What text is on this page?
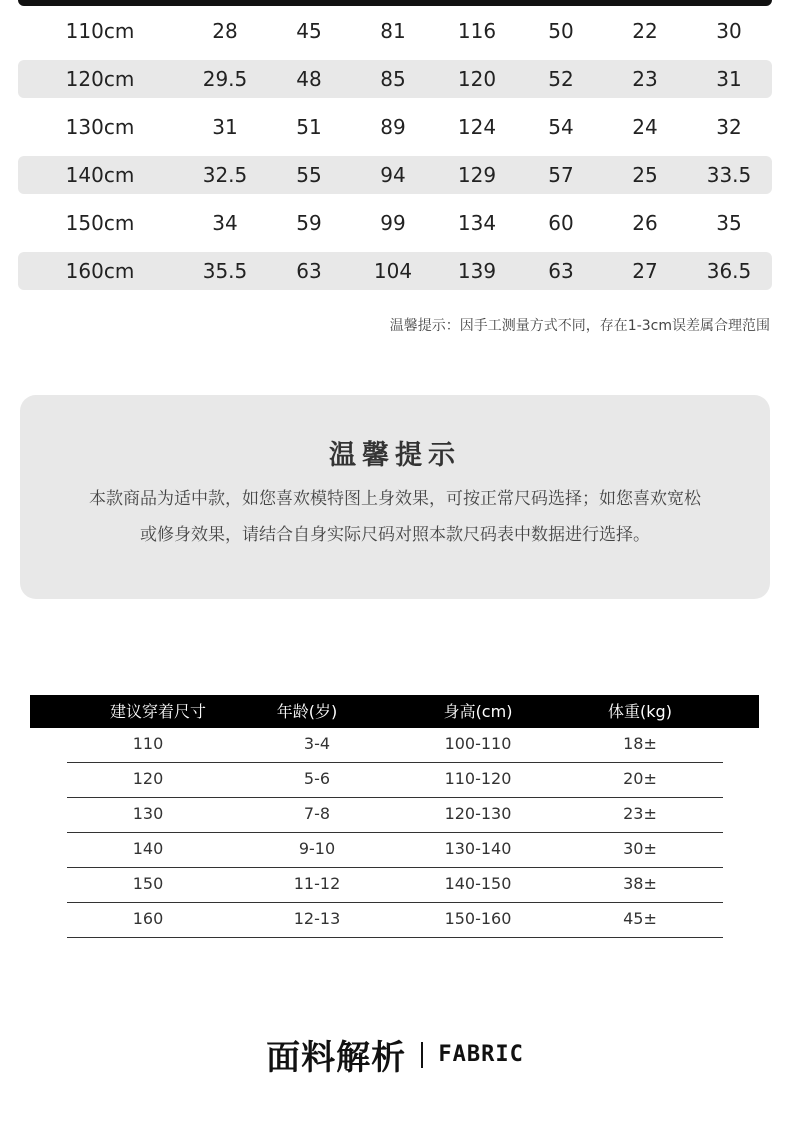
110cm	28	45	81	116	50	22	30
120cm	29.5	48	85	120	52	23	31
130cm	31	51	89	124	54	24	32
140cm	32.5	55	94	129	57	25	33.5
150cm	34	59	99	134	60	26	35
160cm	35.5	63	104	139	63	27	36.5
温馨提示：因手工测量方式不同，存在1-3cm误差属合理范围
温馨提示
本款商品为适中款，如您喜欢模特图上身效果，可按正常尺码选择；如您喜欢宽松
或修身效果，请结合自身实际尺码对照本款尺码表中数据进行选择。
建议穿着尺寸	年龄(岁)	身高(cm)	体重(kg)
110	3-4	100-110	18±
120	5-6	110-120	20±
130	7-8	120-130	23±
140	9-10	130-140	30±
150	11-12	140-150	38±
160	12-13	150-160	45±
面料解析 FABRIC
